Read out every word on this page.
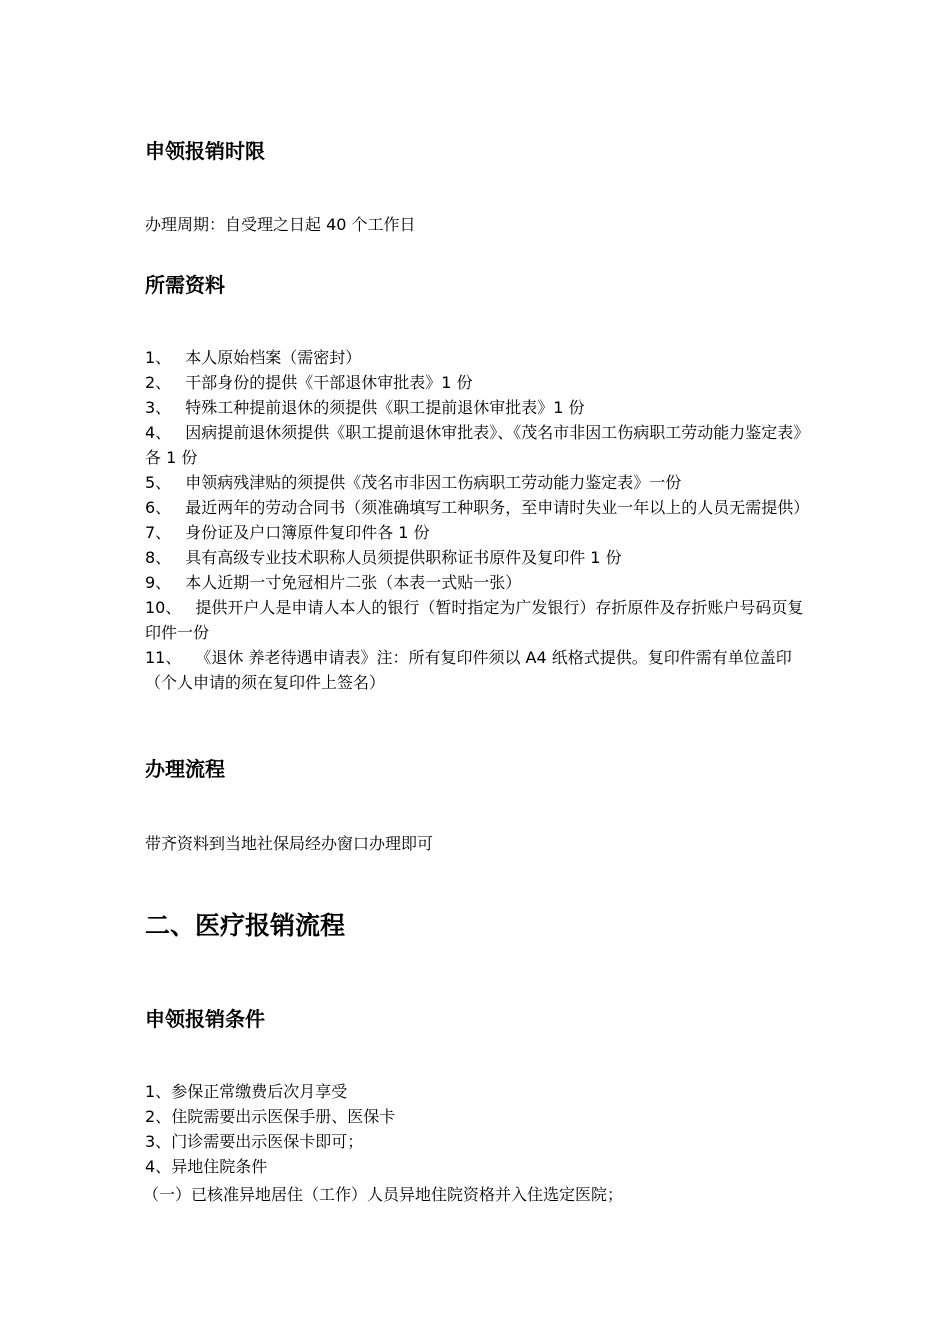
申领报销时限

办理周期：自受理之日起 40 个工作日

所需资料
1、 本人原始档案（需密封）
2、 干部身份的提供《干部退休审批表》1 份
3、 特殊工种提前退休的须提供《职工提前退休审批表》1 份
4、 因病提前退休须提供《职工提前退休审批表》、《茂名市非因工伤病职工劳动能力鉴定表》各 1 份
5、 申领病残津贴的须提供《茂名市非因工伤病职工劳动能力鉴定表》一份
6、 最近两年的劳动合同书（须准确填写工种职务，至申请时失业一年以上的人员无需提供）
7、 身份证及户口簿原件复印件各 1 份
8、 具有高级专业技术职称人员须提供职称证书原件及复印件 1 份
9、 本人近期一寸免冠相片二张（本表一式贴一张）
10、 提供开户人是申请人本人的银行（暂时指定为广发银行）存折原件及存折账户号码页复印件一份
11、 《退休 养老待遇申请表》注：所有复印件须以 A4 纸格式提供。复印件需有单位盖印（个人申请的须在复印件上签名）
办理流程

带齐资料到当地社保局经办窗口办理即可

二、医疗报销流程
申领报销条件
1、参保正常缴费后次月享受
2、住院需要出示医保手册、医保卡
3、门诊需要出示医保卡即可；
4、异地住院条件

（一）已核准异地居住（工作）人员异地住院资格并入住选定医院；
